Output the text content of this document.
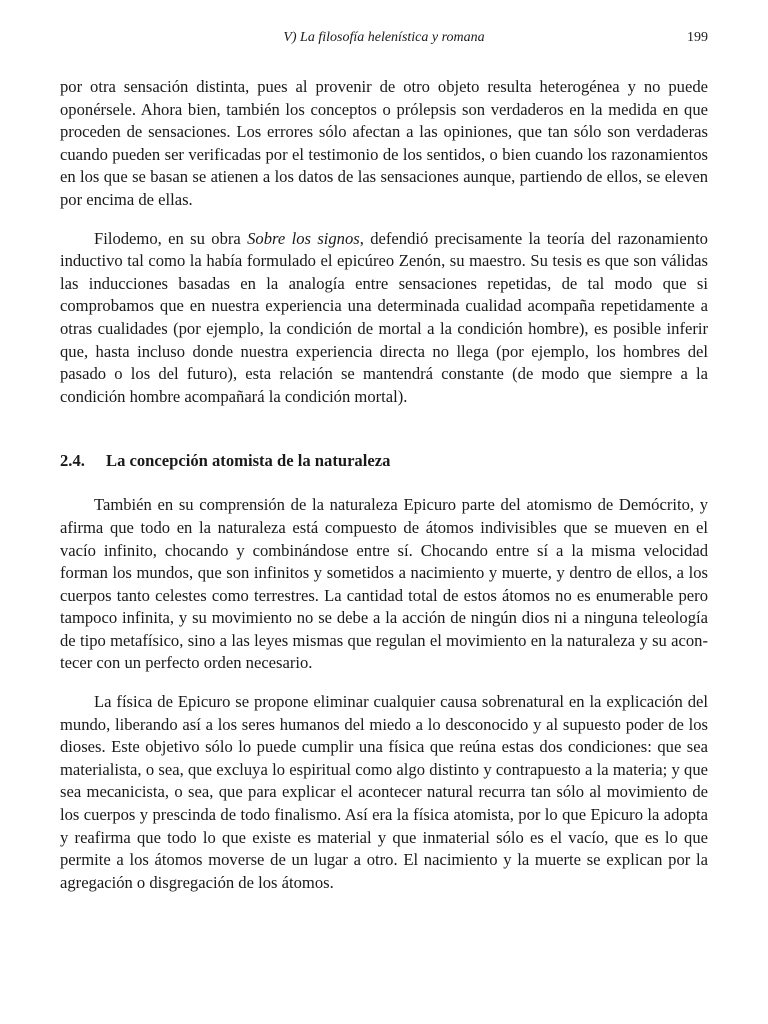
V) La filosofía helenística y romana	199

por otra sensación distinta, pues al provenir de otro objeto resulta heterogénea y no puede oponérsele. Ahora bien, también los conceptos o prólepsis son verdaderos en la medida en que proceden de sensaciones. Los errores sólo afectan a las opiniones, que tan sólo son verdaderas cuando pueden ser verificadas por el testimonio de los sentidos, o bien cuando los razonamientos en los que se basan se atienen a los datos de las sensaciones aunque, partiendo de ellos, se eleven por encima de ellas.

Filodemo, en su obra Sobre los signos, defendió precisamente la teoría del razonamiento inductivo tal como la había formulado el epicúreo Zenón, su maestro. Su tesis es que son válidas las inducciones basadas en la analogía entre sensaciones repetidas, de tal modo que si comprobamos que en nuestra experiencia una determinada cualidad acompaña repetidamente a otras cualidades (por ejemplo, la condición de mortal a la condición hombre), es posible inferir que, hasta incluso donde nuestra experiencia directa no llega (por ejemplo, los hombres del pasado o los del futuro), esta relación se mantendrá constante (de modo que siempre a la condición hombre acompañará la condición mortal).

2.4. La concepción atomista de la naturaleza

También en su comprensión de la naturaleza Epicuro parte del atomismo de Demócrito, y afirma que todo en la naturaleza está compuesto de átomos indivisibles que se mueven en el vacío infinito, chocando y combinándose entre sí. Chocando entre sí a la misma velocidad forman los mundos, que son infinitos y sometidos a nacimiento y muerte, y dentro de ellos, a los cuerpos tanto celestes como terrestres. La cantidad total de estos átomos no es enumerable pero tampoco infinita, y su movimiento no se debe a la acción de ningún dios ni a ninguna teleología de tipo metafísico, sino a las leyes mismas que regulan el movimiento en la naturaleza y su acontecer con un perfecto orden necesario.

La física de Epicuro se propone eliminar cualquier causa sobrenatural en la explicación del mundo, liberando así a los seres humanos del miedo a lo desconocido y al supuesto poder de los dioses. Este objetivo sólo lo puede cumplir una física que reúna estas dos condiciones: que sea materialista, o sea, que excluya lo espiritual como algo distinto y contrapuesto a la materia; y que sea mecanicista, o sea, que para explicar el acontecer natural recurra tan sólo al movimiento de los cuerpos y prescinda de todo finalismo. Así era la física atomista, por lo que Epicuro la adopta y reafirma que todo lo que existe es material y que inmaterial sólo es el vacío, que es lo que permite a los átomos moverse de un lugar a otro. El nacimiento y la muerte se explican por la agregación o disgregación de los átomos.
